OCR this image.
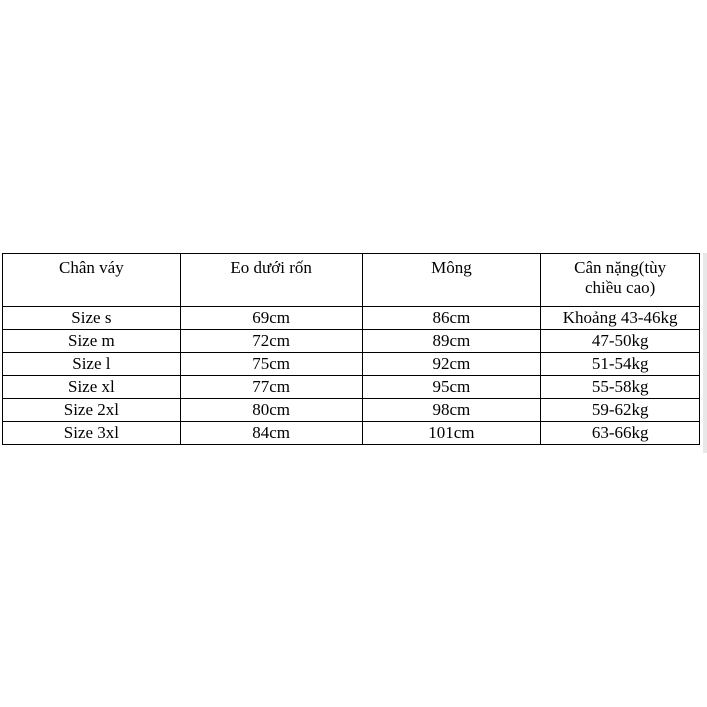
Chân váy	Eo dưới rốn	Mông	Cân nặng(tùy
chiều cao)

Size s	69cm	86cm	Khoảng 43-46kg
Size m	72cm	89cm	47-50kg
Size l	75cm	92cm	51-54kg
Size xl	77cm	95cm	55-58kg
Size 2xl	80cm	98cm	59-62kg
Size 3xl	84cm	101cm	63-66kg
